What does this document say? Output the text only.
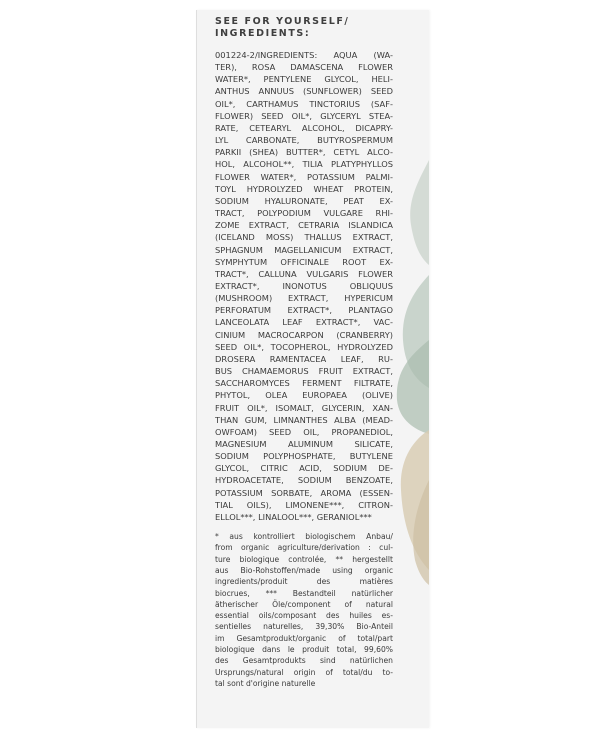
SEE FOR YOURSELF/
INGREDIENTS:
001224-2/INGREDIENTS: AQUA (WA-
TER), ROSA DAMASCENA FLOWER
WATER*, PENTYLENE GLYCOL, HELI-
ANTHUS ANNUUS (SUNFLOWER) SEED
OIL*, CARTHAMUS TINCTORIUS (SAF-
FLOWER) SEED OIL*, GLYCERYL STEA-
RATE, CETEARYL ALCOHOL, DICAPRY-
LYL CARBONATE, BUTYROSPERMUM
PARKII (SHEA) BUTTER*, CETYL ALCO-
HOL, ALCOHOL**, TILIA PLATYPHYLLOS
FLOWER WATER*, POTASSIUM PALMI-
TOYL HYDROLYZED WHEAT PROTEIN,
SODIUM HYALURONATE, PEAT EX-
TRACT, POLYPODIUM VULGARE RHI-
ZOME EXTRACT, CETRARIA ISLANDICA
(ICELAND MOSS) THALLUS EXTRACT,
SPHAGNUM MAGELLANICUM EXTRACT,
SYMPHYTUM OFFICINALE ROOT EX-
TRACT*, CALLUNA VULGARIS FLOWER
EXTRACT*, INONOTUS OBLIQUUS
(MUSHROOM) EXTRACT, HYPERICUM
PERFORATUM EXTRACT*, PLANTAGO
LANCEOLATA LEAF EXTRACT*, VAC-
CINIUM MACROCARPON (CRANBERRY)
SEED OIL*, TOCOPHEROL, HYDROLYZED
DROSERA RAMENTACEA LEAF, RU-
BUS CHAMAEMORUS FRUIT EXTRACT,
SACCHAROMYCES FERMENT FILTRATE,
PHYTOL, OLEA EUROPAEA (OLIVE)
FRUIT OIL*, ISOMALT, GLYCERIN, XAN-
THAN GUM, LIMNANTHES ALBA (MEAD-
OWFOAM) SEED OIL, PROPANEDIOL,
MAGNESIUM ALUMINUM SILICATE,
SODIUM POLYPHOSPHATE, BUTYLENE
GLYCOL, CITRIC ACID, SODIUM DE-
HYDROACETATE, SODIUM BENZOATE,
POTASSIUM SORBATE, AROMA (ESSEN-
TIAL OILS), LIMONENE***, CITRON-
ELLOL***, LINALOOL***, GERANIOL***
* aus kontrolliert biologischem Anbau/
from organic agriculture/derivation : cul-
ture biologique controlée, ** hergestellt
aus Bio-Rohstoffen/made using organic
ingredients/produit des matières
biocrues, *** Bestandteil natürlicher
ätherischer Öle/component of natural
essential oils/composant des huiles es-
sentielles naturelles, 39,30% Bio-Anteil
im Gesamtprodukt/organic of total/part
biologique dans le produit total, 99,60%
des Gesamtprodukts sind natürlichen
Ursprungs/natural origin of total/du to-
tal sont d'origine naturelle
